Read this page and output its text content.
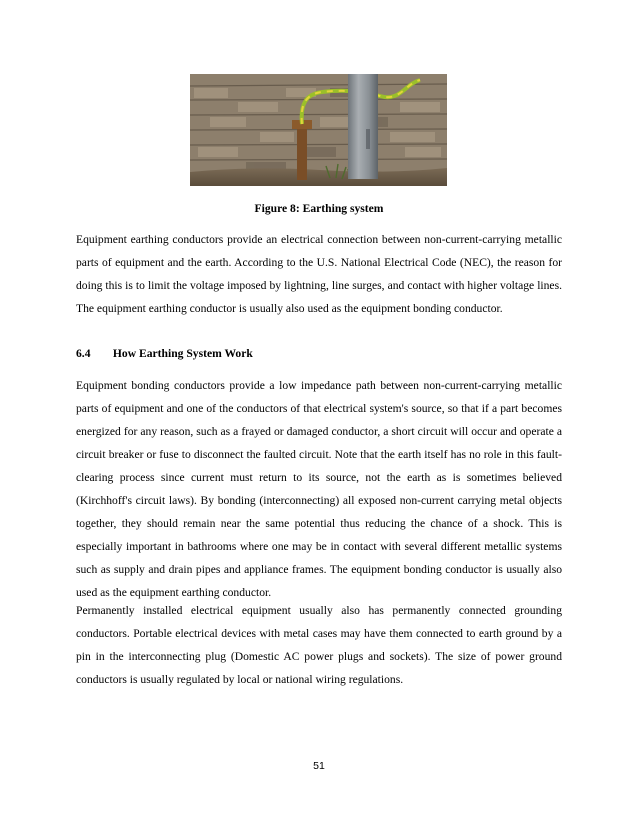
Figure 8: Earthing system

Equipment earthing conductors provide an electrical connection between non-current-carrying metallic parts of equipment and the earth. According to the U.S. National Electrical Code (NEC), the reason for doing this is to limit the voltage imposed by lightning, line surges, and contact with higher voltage lines. The equipment earthing conductor is usually also used as the equipment bonding conductor.

6.4 How Earthing System Work

Equipment bonding conductors provide a low impedance path between non-current-carrying metallic parts of equipment and one of the conductors of that electrical system's source, so that if a part becomes energized for any reason, such as a frayed or damaged conductor, a short circuit will occur and operate a circuit breaker or fuse to disconnect the faulted circuit. Note that the earth itself has no role in this fault-clearing process since current must return to its source, not the earth as is sometimes believed (Kirchhoff's circuit laws). By bonding (interconnecting) all exposed non-current carrying metal objects together, they should remain near the same potential thus reducing the chance of a shock. This is especially important in bathrooms where one may be in contact with several different metallic systems such as supply and drain pipes and appliance frames. The equipment bonding conductor is usually also used as the equipment earthing conductor.

Permanently installed electrical equipment usually also has permanently connected grounding conductors. Portable electrical devices with metal cases may have them connected to earth ground by a pin in the interconnecting plug (Domestic AC power plugs and sockets). The size of power ground conductors is usually regulated by local or national wiring regulations.

51
